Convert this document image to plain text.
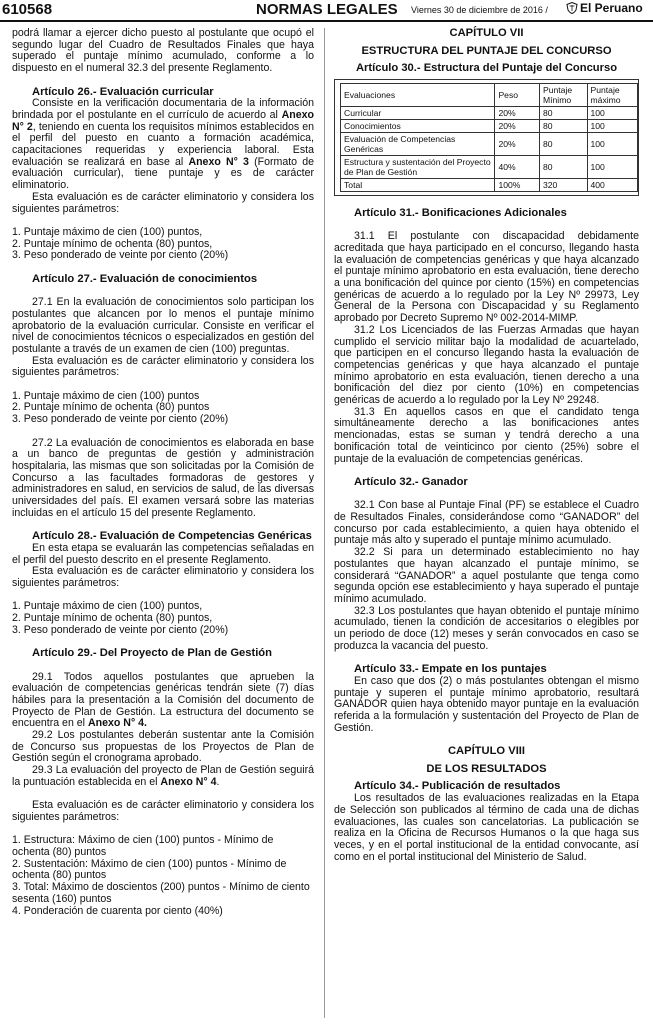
610568	NORMAS LEGALES Viernes 30 de diciembre de 2016 /	El Peruano

podrá llamar a ejercer dicho puesto al postulante que ocupó el segundo lugar del Cuadro de Resultados Finales que haya superado el puntaje mínimo acumulado, conforme a lo dispuesto en el numeral 32.3 del presente Reglamento.

Artículo 26.- Evaluación curricular

Consiste en la verificación documentaria de la información brindada por el postulante en el currículo de acuerdo al Anexo N° 2, teniendo en cuenta los requisitos mínimos establecidos en el perfil del puesto en cuanto a formación académica, capacitaciones requeridas y experiencia laboral. Esta evaluación se realizará en base al Anexo N° 3 (Formato de evaluación curricular), tiene puntaje y es de carácter eliminatorio.

Esta evaluación es de carácter eliminatorio y considera los siguientes parámetros:

1. Puntaje máximo de cien (100) puntos,
2. Puntaje mínimo de ochenta (80) puntos,
3. Peso ponderado de veinte por ciento (20%)

Artículo 27.- Evaluación de conocimientos

27.1 En la evaluación de conocimientos solo participan los postulantes que alcancen por lo menos el puntaje mínimo aprobatorio de la evaluación curricular. Consiste en verificar el nivel de conocimientos técnicos o especializados en gestión del postulante a través de un examen de cien (100) preguntas.

Esta evaluación es de carácter eliminatorio y considera los siguientes parámetros:

1. Puntaje máximo de cien (100) puntos
2. Puntaje mínimo de ochenta (80) puntos
3. Peso ponderado de veinte por ciento (20%)

27.2 La evaluación de conocimientos es elaborada en base a un banco de preguntas de gestión y administración hospitalaria, las mismas que son solicitadas por la Comisión de Concurso a las facultades formadoras de gestores y administradores en salud, en servicios de salud, de las diversas universidades del país. El examen versará sobre las materias incluidas en el artículo 15 del presente Reglamento.

Artículo 28.- Evaluación de Competencias Genéricas

En esta etapa se evaluarán las competencias señaladas en el perfil del puesto descrito en el presente Reglamento.

Esta evaluación es de carácter eliminatorio y considera los siguientes parámetros:

1. Puntaje máximo de cien (100) puntos,
2. Puntaje mínimo de ochenta (80) puntos,
3. Peso ponderado de veinte por ciento (20%)

Artículo 29.- Del Proyecto de Plan de Gestión

29.1 Todos aquellos postulantes que aprueben la evaluación de competencias genéricas tendrán siete (7) días hábiles para la presentación a la Comisión del documento de Proyecto de Plan de Gestión. La estructura del documento se encuentra en el Anexo N° 4.

29.2 Los postulantes deberán sustentar ante la Comisión de Concurso sus propuestas de los Proyectos de Plan de Gestión según el cronograma aprobado.

29.3 La evaluación del proyecto de Plan de Gestión seguirá la puntuación establecida en el Anexo N° 4.

Esta evaluación es de carácter eliminatorio y considera los siguientes parámetros:

1. Estructura: Máximo de cien (100) puntos - Mínimo de ochenta (80) puntos
2. Sustentación: Máximo de cien (100) puntos - Mínimo de ochenta (80) puntos
3. Total: Máximo de doscientos (200) puntos - Mínimo de ciento sesenta (160) puntos
4. Ponderación de cuarenta por ciento (40%)

CAPÍTULO VII

ESTRUCTURA DEL PUNTAJE DEL CONCURSO

Artículo 30.- Estructura del Puntaje del Concurso

Evaluaciones	Peso	Puntaje Mínimo	Puntaje máximo
Curricular	20%	80	100
Conocimientos	20%	80	100
Evaluación de Competencias Genéricas	20%	80	100
Estructura y sustentación del Proyecto de Plan de Gestión	40%	80	100
Total	100%	320	400

Artículo 31.- Bonificaciones Adicionales

31.1 El postulante con discapacidad debidamente acreditada que haya participado en el concurso, llegando hasta la evaluación de competencias genéricas y que haya alcanzado el puntaje mínimo aprobatorio en esta evaluación, tiene derecho a una bonificación del quince por ciento (15%) en competencias genéricas de acuerdo a lo regulado por la Ley Nº 29973, Ley General de la Persona con Discapacidad y su Reglamento aprobado por Decreto Supremo Nº 002-2014-MIMP.

31.2 Los Licenciados de las Fuerzas Armadas que hayan cumplido el servicio militar bajo la modalidad de acuartelado, que participen en el concurso llegando hasta la evaluación de competencias genéricas y que haya alcanzado el puntaje mínimo aprobatorio en esta evaluación, tienen derecho a una bonificación del diez por ciento (10%) en competencias genéricas de acuerdo a lo regulado por la Ley Nº 29248.

31.3 En aquellos casos en que el candidato tenga simultáneamente derecho a las bonificaciones antes mencionadas, estas se suman y tendrá derecho a una bonificación total de veinticinco por ciento (25%) sobre el puntaje de la evaluación de competencias genéricas.

Artículo 32.- Ganador

32.1 Con base al Puntaje Final (PF) se establece el Cuadro de Resultados Finales, considerándose como “GANADOR” del concurso por cada establecimiento, a quien haya obtenido el puntaje más alto y superado el puntaje mínimo acumulado.

32.2 Si para un determinado establecimiento no hay postulantes que hayan alcanzado el puntaje mínimo, se considerará “GANADOR” a aquel postulante que tenga como segunda opción ese establecimiento y haya superado el puntaje mínimo acumulado.

32.3 Los postulantes que hayan obtenido el puntaje mínimo acumulado, tienen la condición de accesitarios o elegibles por un periodo de doce (12) meses y serán convocados en caso se produzca la vacancia del puesto.

Artículo 33.- Empate en los puntajes

En caso que dos (2) o más postulantes obtengan el mismo puntaje y superen el puntaje mínimo aprobatorio, resultará GANADOR quien haya obtenido mayor puntaje en la evaluación referida a la formulación y sustentación del Proyecto de Plan de Gestión.

CAPÍTULO VIII

DE LOS RESULTADOS

Artículo 34.- Publicación de resultados

Los resultados de las evaluaciones realizadas en la Etapa de Selección son publicados al término de cada una de dichas evaluaciones, las cuales son cancelatorias. La publicación se realiza en la Oficina de Recursos Humanos o la que haga sus veces, y en el portal institucional de la entidad convocante, así como en el portal institucional del Ministerio de Salud.
